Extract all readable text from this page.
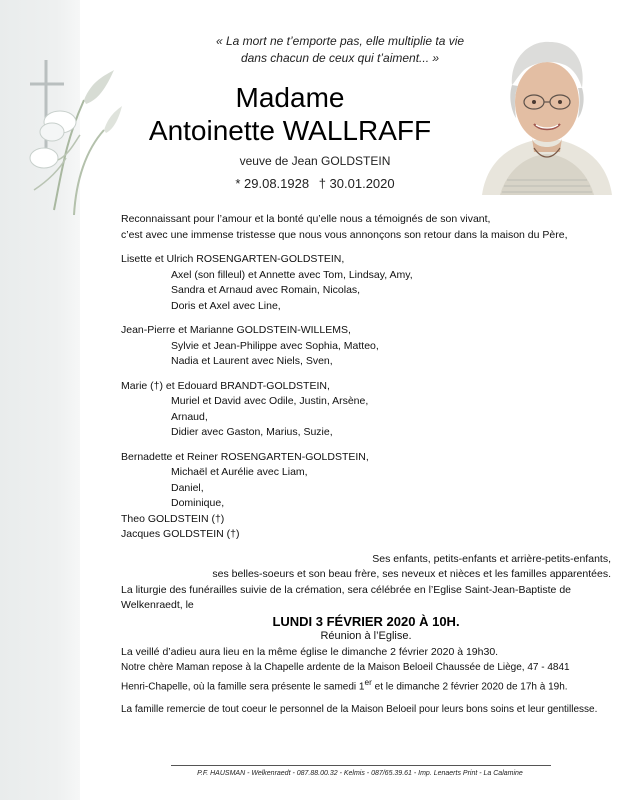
« La mort ne t’emporte pas, elle multiplie ta vie
dans chacun de ceux qui t’aiment... »
Madame
Antoinette WALLRAFF
veuve de Jean GOLDSTEIN
* 29.08.1928 † 30.01.2020

Reconnaissant pour l’amour et la bonté qu’elle nous a témoignés de son vivant,

c’est avec une immense tristesse que nous vous annonçons son retour dans la maison du Père,

Lisette et Ulrich ROSENGARTEN-GOLDSTEIN,

Axel (son filleul) et Annette avec Tom, Lindsay, Amy,

Sandra et Arnaud avec Romain, Nicolas,

Doris et Axel avec Line,

Jean-Pierre et Marianne GOLDSTEIN-WILLEMS,

Sylvie et Jean-Philippe avec Sophia, Matteo,

Nadia et Laurent avec Niels, Sven,

Marie (†) et Edouard BRANDT-GOLDSTEIN,

Muriel et David avec Odile, Justin, Arsène,

Arnaud,

Didier avec Gaston, Marius, Suzie,

Bernadette et Reiner ROSENGARTEN-GOLDSTEIN,

Michaël et Aurélie avec Liam,

Daniel,

Dominique,

Theo GOLDSTEIN (†)

Jacques GOLDSTEIN (†)

Ses enfants, petits-enfants et arrière-petits-enfants,

ses belles-soeurs et son beau frère, ses neveux et nièces et les familles apparentées.

La liturgie des funérailles suivie de la crémation, sera célébrée en l’Eglise Saint-Jean-Baptiste de Welkenraedt, le

LUNDI 3 FÉVRIER 2020 À 10H.

Réunion à l’Eglise.

La veillé d’adieu aura lieu en la même église le dimanche 2 février 2020 à 19h30.

Notre chère Maman repose à la Chapelle ardente de la Maison Beloeil Chaussée de Liège, 47 - 4841

Henri-Chapelle, où la famille sera présente le samedi 1er et le dimanche 2 février 2020 de 17h à 19h.

La famille remercie de tout coeur le personnel de la Maison Beloeil pour leurs bons soins et leur gentillesse.

P.F. HAUSMAN - Welkenraedt - 087.88.00.32 - Kelmis - 087/65.39.61 - Imp. Lenaerts Print - La Calamine
